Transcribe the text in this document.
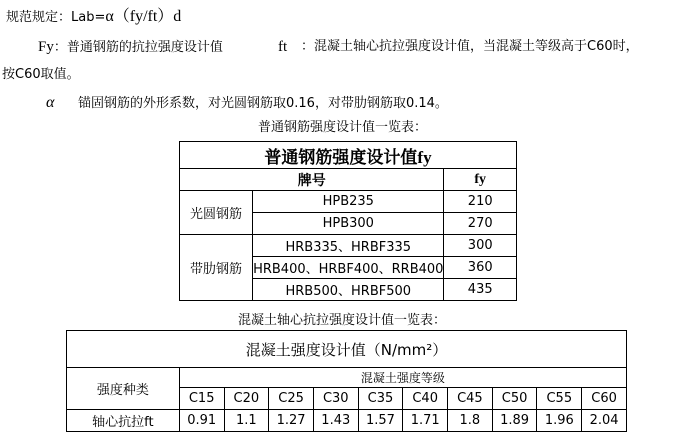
规范规定：Lab=α（fy/ft）d
Fy：普通钢筋的抗拉强度设计值	ft ：混凝土轴心抗拉强度设计值，当混凝土等级高于C60时，
按C60取值。
α 锚固钢筋的外形系数，对光圆钢筋取0.16，对带肋钢筋取0.14。
普通钢筋强度设计值一览表：
普通钢筋强度设计值fy		
牌号		fy
光圆钢筋	HPB235	210
	HPB300	270
带肋钢筋	HRB335、HRBF335	300
	HRB400、HRBF400、RRB400	360
	HRB500、HRBF500	435
混凝土轴心抗拉强度设计值一览表：
混凝土强度设计值（N/mm²）										
强度种类	混凝土强度等级									
	C15	C20	C25	C30	C35	C40	C45	C50	C55	C60
轴心抗拉ft	0.91	1.1	1.27	1.43	1.57	1.71	1.8	1.89	1.96	2.04
